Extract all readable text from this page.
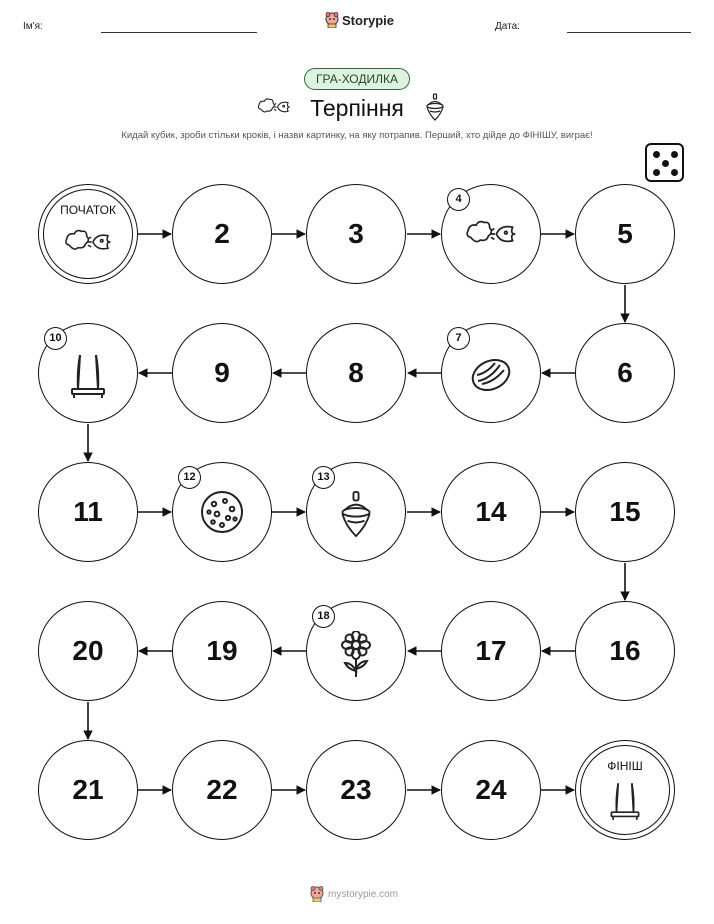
Ім'я:	Storypie	Дата:
ГРА-ХОДИЛКА
Терпіння
Кидай кубик, зроби стільки кроків, і назви картинку, на яку потрапив. Перший, хто дійде до ФІНІШУ, виграє!
ПОЧАТОК
2	3
4
5
6
7
8
9
10
11
12	13
14	15
16
17
18
19
20
21	22	23	24
ФІНІШ
mystorypie.com
